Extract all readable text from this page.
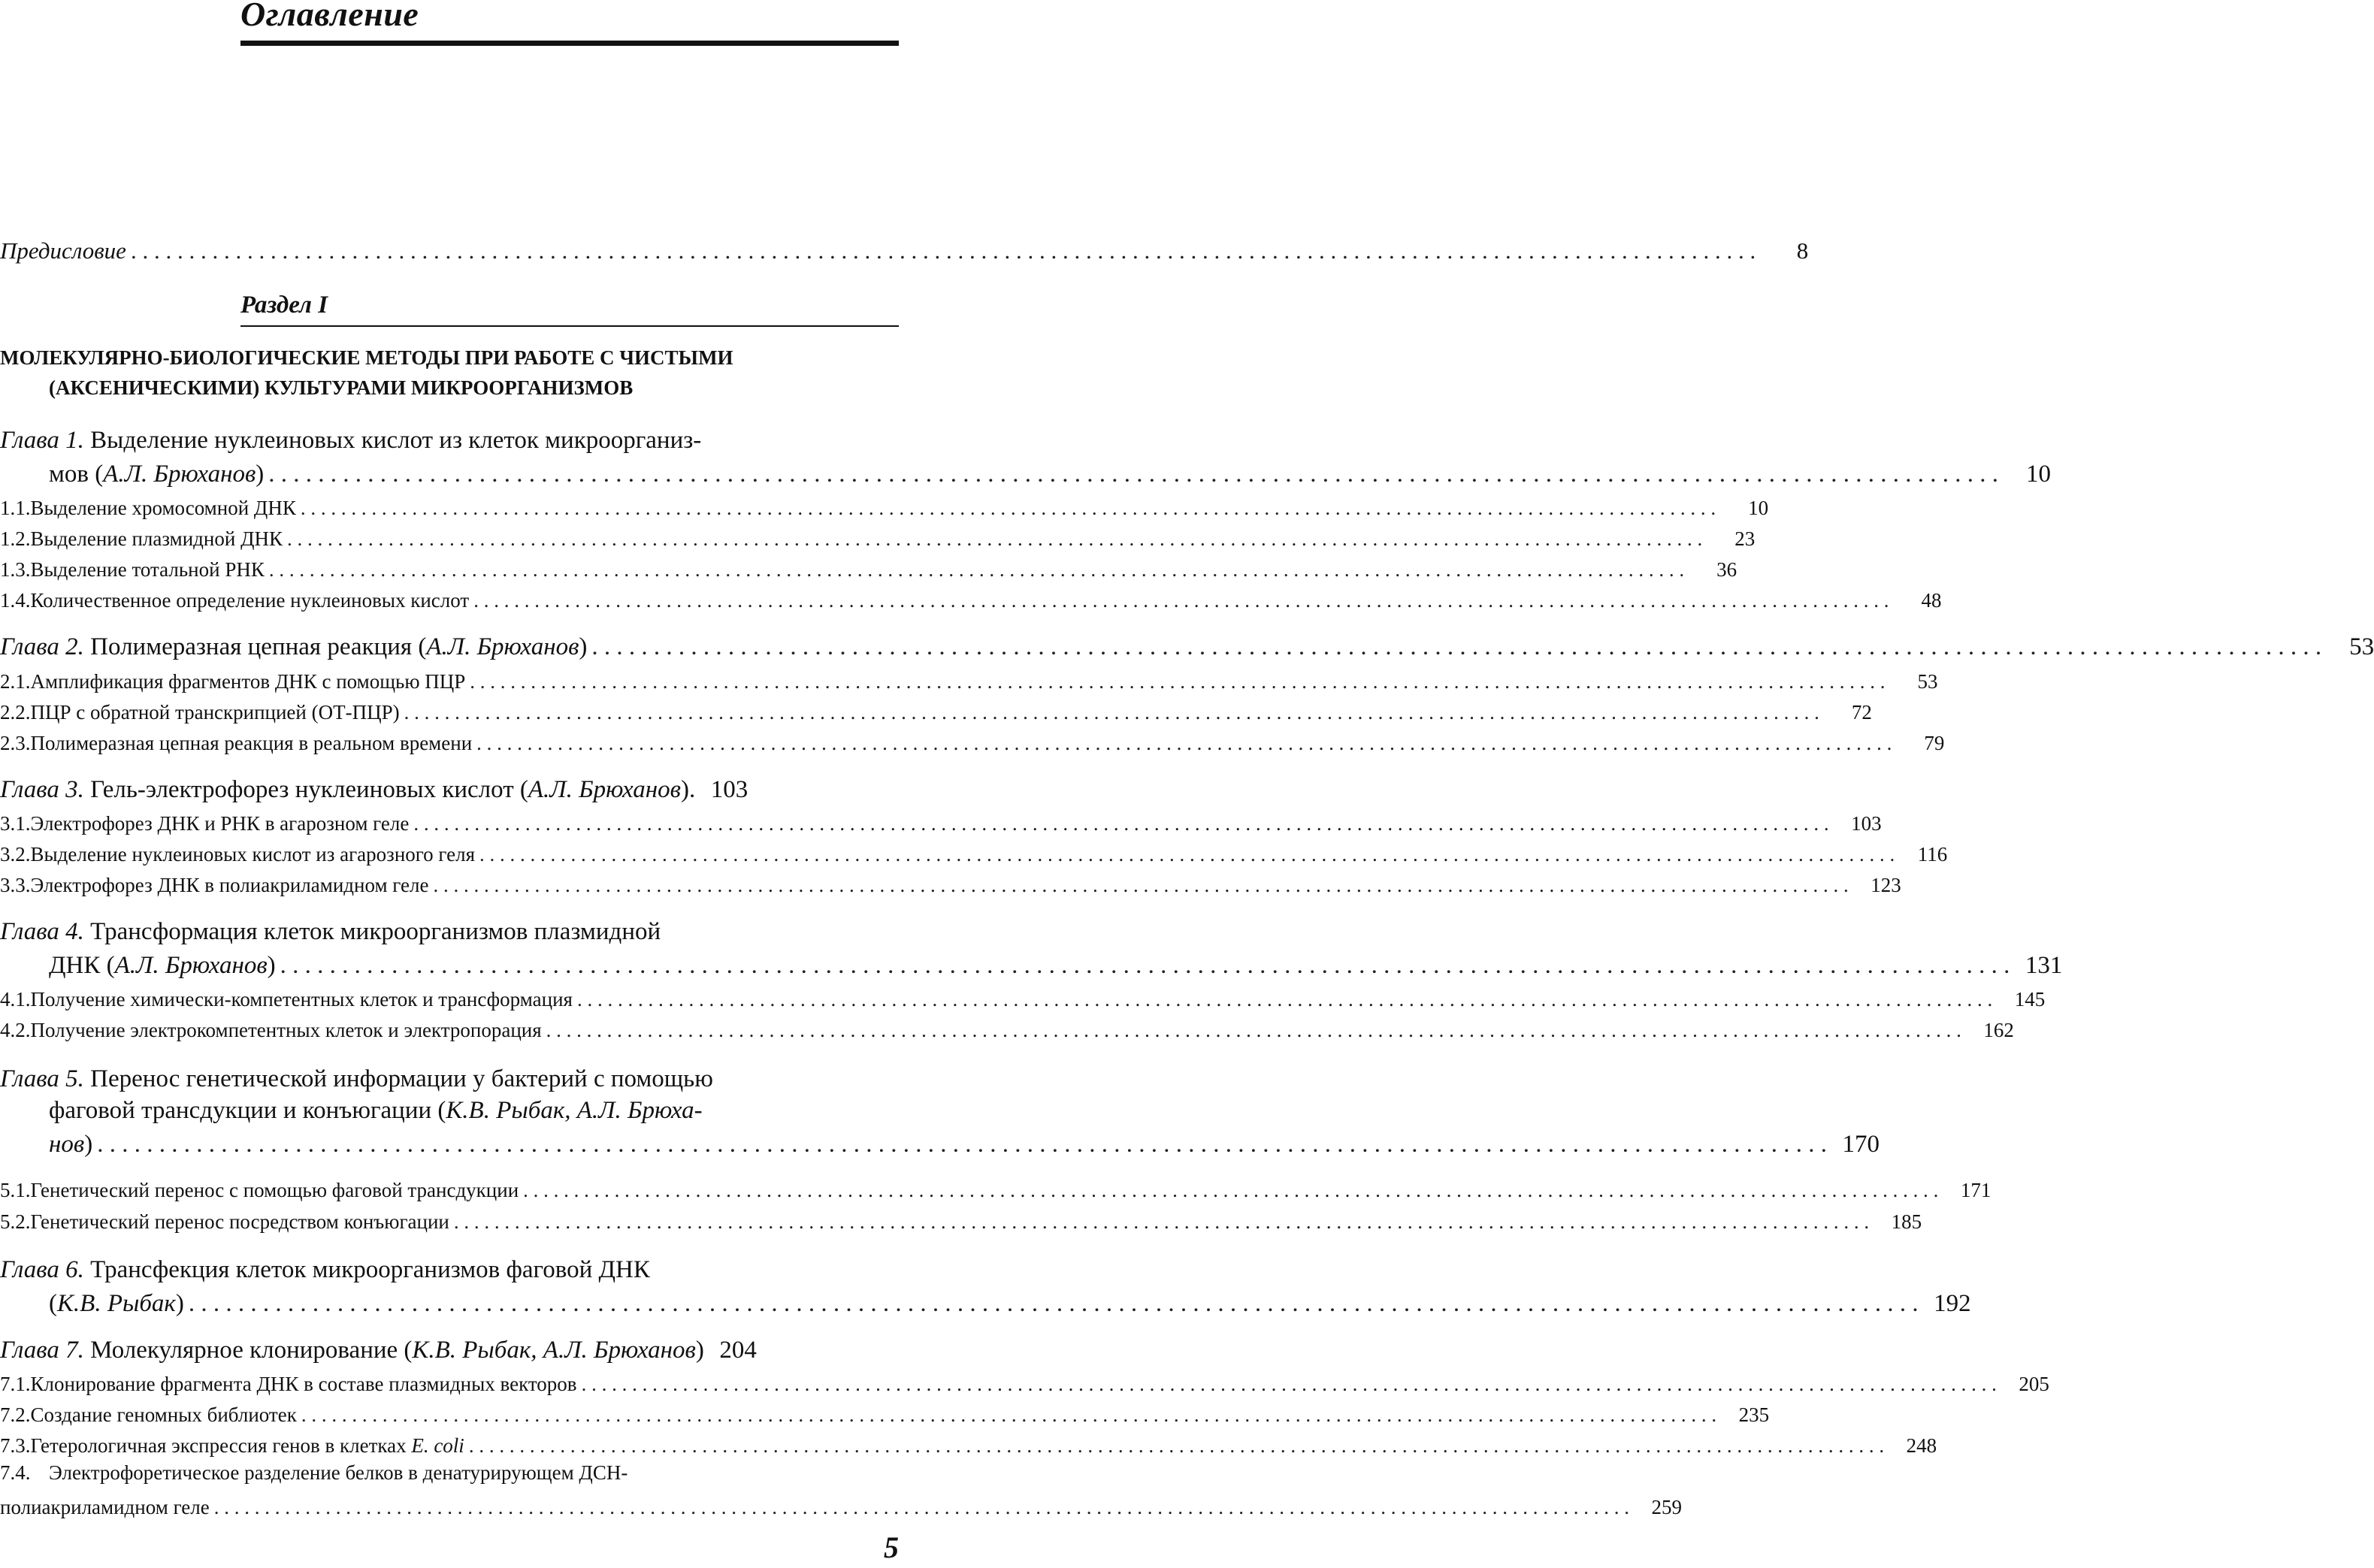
Оглавление
Предисловие . . .	8
Раздел I
МОЛЕКУЛЯРНО-БИОЛОГИЧЕСКИЕ МЕТОДЫ ПРИ РАБОТЕ С ЧИСТЫМИ
(АКСЕНИЧЕСКИМИ) КУЛЬТУРАМИ МИКРООРГАНИЗМОВ
Глава 1. Выделение нуклеиновых кислот из клеток микроорганиз-
мов (А.Л. Брюханов) . . .	10
1.1. Выделение хромосомной ДНК . . .	10
1.2. Выделение плазмидной ДНК . . .	23
1.3. Выделение тотальной РНК . . .	36
1.4. Количественное определение нуклеиновых кислот . . .	48
Глава 2. Полимеразная цепная реакция (А.Л. Брюханов) . . .	53
2.1. Амплификация фрагментов ДНК с помощью ПЦР . . .	53
2.2. ПЦР с обратной транскрипцией (ОТ-ПЦР) . . .	72
2.3. Полимеразная цепная реакция в реальном времени . . .	79
Глава 3. Гель-электрофорез нуклеиновых кислот (А.Л. Брюханов). 103
3.1. Электрофорез ДНК и РНК в агарозном геле . . .	103
3.2. Выделение нуклеиновых кислот из агарозного геля . . .	116
3.3. Электрофорез ДНК в полиакриламидном геле . . .	123
Глава 4. Трансформация клеток микроорганизмов плазмидной
ДНК (А.Л. Брюханов) . . .	131
4.1. Получение химически-компетентных клеток и трансформация . . .	145
4.2. Получение электрокомпетентных клеток и электропорация . . .	162
Глава 5. Перенос генетической информации у бактерий с помощью
фаговой трансдукции и конъюгации (К.В. Рыбак, А.Л. Брюха-
нов) . . .	170
5.1. Генетический перенос с помощью фаговой трансдукции . . .	171
5.2. Генетический перенос посредством конъюгации . . .	185
Глава 6. Трансфекция клеток микроорганизмов фаговой ДНК
(К.В. Рыбак) . . .	192
Глава 7. Молекулярное клонирование (К.В. Рыбак, А.Л. Брюханов) 204
7.1. Клонирование фрагмента ДНК в составе плазмидных векторов . . .	205
7.2. Создание геномных библиотек . . .	235
7.3. Гетерологичная экспрессия генов в клетках E. coli . . .	248
7.4. Электрофоретическое разделение белков в денатурирующем ДСН-
полиакриламидном геле . . .	259
5
